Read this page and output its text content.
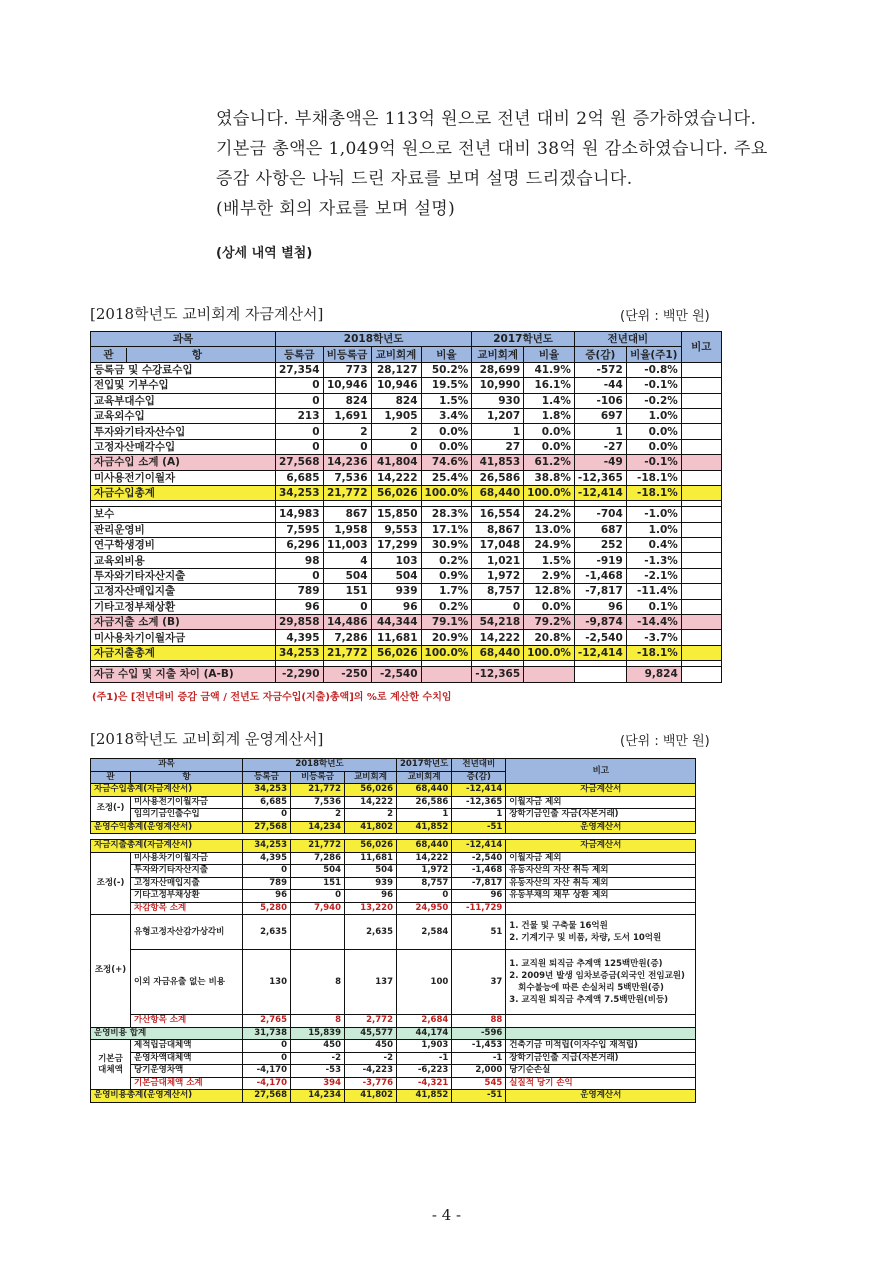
였습니다. 부채총액은 113억 원으로 전년 대비 2억 원 증가하였습니다.
기본금 총액은 1,049억 원으로 전년 대비 38억 원 감소하였습니다. 주요
증감 사항은 나눠 드린 자료를 보며 설명 드리겠습니다.
(배부한 회의 자료를 보며 설명)
(상세 내역 별첨)
[2018학년도 교비회계 자금계산서]	(단위 : 백만 원)
과목	2018학년도				2017학년도		전년대비		비고
관 항	등록금	비등록금	교비회계	비율	교비회계	비율	증(감)	비율(주1)	
등록금 및 수강료수입	27,354	773	28,127	50.2%	28,699	41.9%	-572	-0.8%	
전입및 기부수입	0	10,946	10,946	19.5%	10,990	16.1%	-44	-0.1%	
교육부대수입	0	824	824	1.5%	930	1.4%	-106	-0.2%	
교육외수입	213	1,691	1,905	3.4%	1,207	1.8%	697	1.0%	
투자와기타자산수입	0	2	2	0.0%	1	0.0%	1	0.0%	
고정자산매각수입	0	0	0	0.0%	27	0.0%	-27	0.0%	
자금수입 소계 (A)	27,568	14,236	41,804	74.6%	41,853	61.2%	-49	-0.1%	
미사용전기이월자	6,685	7,536	14,222	25.4%	26,586	38.8%	-12,365	-18.1%	
자금수입총계	34,253	21,772	56,026	100.0%	68,440	100.0%	-12,414	-18.1%	

보수	14,983	867	15,850	28.3%	16,554	24.2%	-704	-1.0%	
관리운영비	7,595	1,958	9,553	17.1%	8,867	13.0%	687	1.0%	
연구학생경비	6,296	11,003	17,299	30.9%	17,048	24.9%	252	0.4%	
교육외비용	98	4	103	0.2%	1,021	1.5%	-919	-1.3%	
투자와기타자산지출	0	504	504	0.9%	1,972	2.9%	-1,468	-2.1%	
고정자산매입지출	789	151	939	1.7%	8,757	12.8%	-7,817	-11.4%	
기타고정부채상환	96	0	96	0.2%	0	0.0%	96	0.1%	
자금지출 소계 (B)	29,858	14,486	44,344	79.1%	54,218	79.2%	-9,874	-14.4%	
미사용차기이월자금	4,395	7,286	11,681	20.9%	14,222	20.8%	-2,540	-3.7%	
자금지출총계	34,253	21,772	56,026	100.0%	68,440	100.0%	-12,414	-18.1%	

자금 수입 및 지출 차이 (A-B)	-2,290	-250	-2,540		-12,365			9,824	
(주1)은 [전년대비 증감 금액 / 전년도 자금수입(지출)총액]의 %로 계산한 수치임
[2018학년도 교비회계 운영계산서]	(단위 : 백만 원)
과목		2018학년도			2017학년도	전년대비	비고
관	항	등록금	비등록금	교비회계	교비회계	증(감)	
자금수입총계(자금계산서)		34,253	21,772	56,026	68,440	-12,414	자금계산서
조정(-)	미사용전기이월자금	6,685	7,536	14,222	26,586	-12,365	이월자금 제외
	임의기금인출수입	0	2	2	1	1	장학기금인출 자금(자본거래)
운영수익총계(운영계산서)		27,568	14,234	41,802	41,852	-51	운영계산서

자금지출총계(자금계산서)		34,253	21,772	56,026	68,440	-12,414	자금계산서
조정(-)	미사용차기이월자금	4,395	7,286	11,681	14,222	-2,540	이월자금 제외
	투자와기타자산지출	0	504	504	1,972	-1,468	유동자산의 자산 취득 제외
	고정자산매입지출	789	151	939	8,757	-7,817	유동자산의 자산 취득 제외
	기타고정부채상환	96	0	96	0	96	유동부채의 채무 상환 제외
	차감항목 소계	5,280	7,940	13,220	24,950	-11,729	
조정(+)	유형고정자산감가상각비	2,635		2,635	2,584	51	1. 건물 및 구축물 16억원
2. 기계기구 및 비품, 차량, 도서 10억원

	이외 자금유출 없는 비용	130	8	137	100	37	1. 교직원 퇴직금 추계액 125백만원(증)
2. 2009년 발생 임차보증금(외국인 전임교원)
회수불능에 따른 손실처리 5백만원(증)
3. 교직원 퇴직금 추계액 7.5백만원(비등)

	가산항목 소계	2,765	8	2,772	2,684	88	
운영비용 합계		31,738	15,839	45,577	44,174	-596	
기본금 대체액	제적립금대체액	0	450	450	1,903	-1,453	건축기금 미적립(이자수입 재적립)
	운영차액대체액	0	-2	-2	-1	-1	장학기금인출 지급(자본거래)
	당기운영차액	-4,170	-53	-4,223	-6,223	2,000	당기순손실
	기본금대체액 소계	-4,170	394	-3,776	-4,321	545	실질적 당기 손익
운영비용총계(운영계산서)		27,568	14,234	41,802	41,852	-51	운영계산서
- 4 -
